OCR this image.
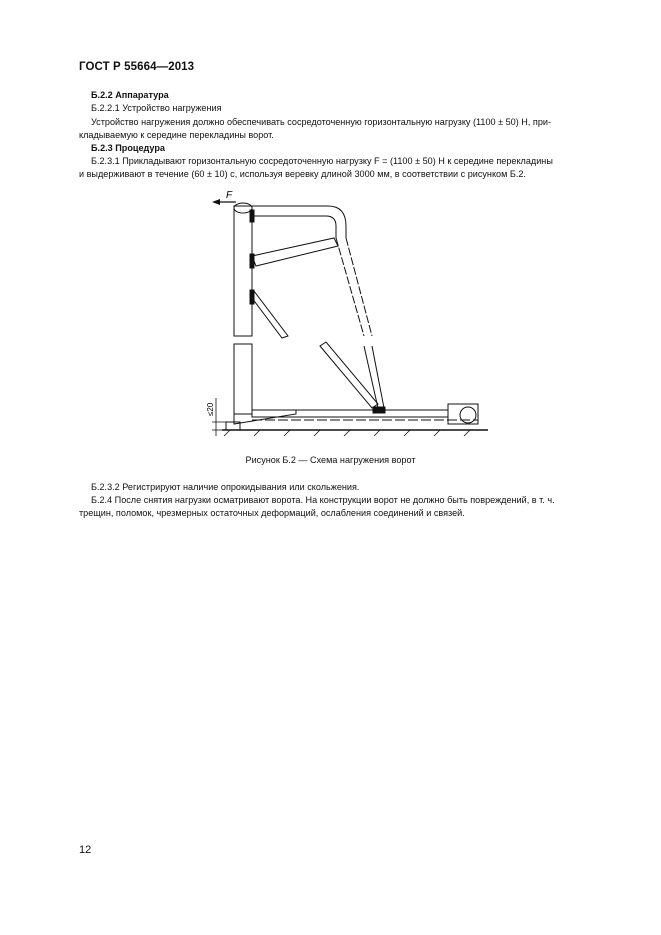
ГОСТ Р 55664—2013
Б.2.2 Аппаратура
Б.2.2.1 Устройство нагружения
Устройство нагружения должно обеспечивать сосредоточенную горизонтальную нагрузку (1100 ± 50) Н, при-
кладываемую к середине перекладины ворот.
Б.2.3 Процедура
Б.2.3.1 Прикладывают горизонтальную сосредоточенную нагрузку F = (1100 ± 50) Н к середине перекладины
и выдерживают в течение (60 ± 10) с, используя веревку длиной 3000 мм, в соответствии с рисунком Б.2.
F
≤20
Рисунок Б.2 — Схема нагружения ворот
Б.2.3.2 Регистрируют наличие опрокидывания или скольжения.
Б.2.4 После снятия нагрузки осматривают ворота. На конструкции ворот не должно быть повреждений, в т. ч.
трещин, поломок, чрезмерных остаточных деформаций, ослабления соединений и связей.
12
